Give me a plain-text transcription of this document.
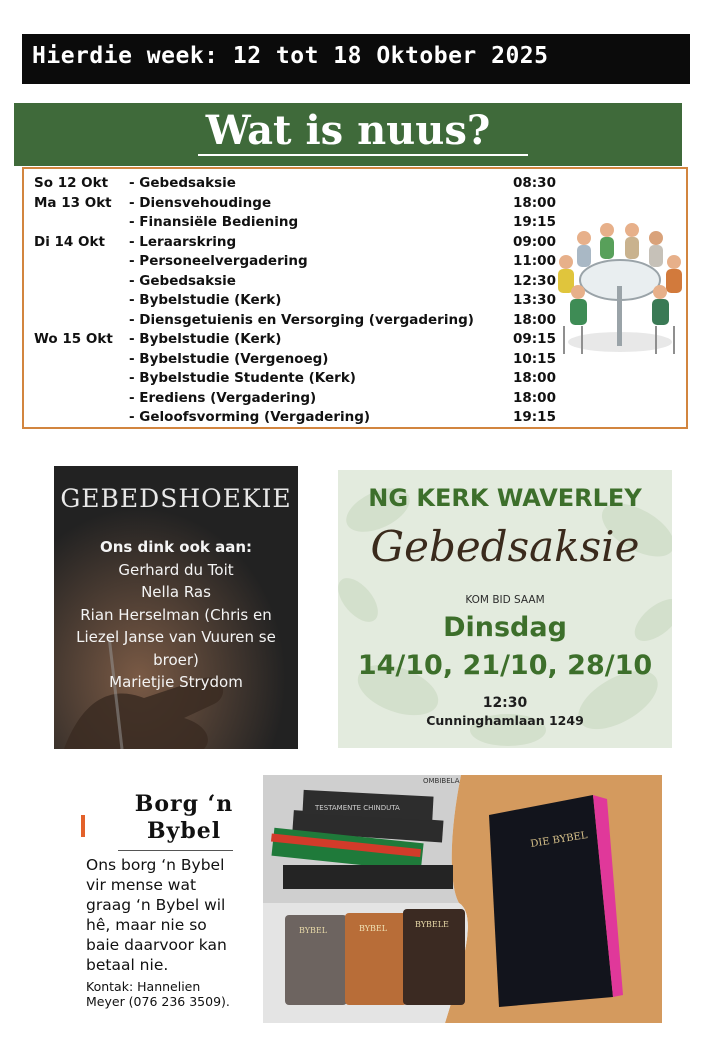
Hierdie week: 12 tot 18 Oktober 2025
Wat is nuus?
So 12 Okt - Gebedsaksie	08:30
Ma 13 Okt - Diensvehoudinge	18:00
- Finansiële Bediening	19:15
Di 14 Okt - Leraarskring	09:00
- Personeelvergadering	11:00
- Gebedsaksie	12:30
- Bybelstudie (Kerk)	13:30
- Diensgetuienis en Versorging (vergadering)	18:00
Wo 15 Okt - Bybelstudie (Kerk)	09:15
- Bybelstudie (Vergenoeg)	10:15
- Bybelstudie Studente (Kerk)	18:00
- Erediens (Vergadering)	18:00
- Geloofsvorming (Vergadering)	19:15
GEBEDSHOEKIE
Ons dink ook aan:
Gerhard du Toit
Nella Ras
Rian Herselman (Chris en
Liezel Janse van Vuuren se
broer)
Marietjie Strydom
NG KERK WAVERLEY
Gebedsaksie
KOM BID SAAM
Dinsdag
14/10, 21/10, 28/10
12:30
Cunninghamlaan 1249
Borg ‘n
Bybel
Ons borg ‘n Bybel
vir mense wat
graag ‘n Bybel wil
hê, maar nie so
baie daarvoor kan
betaal nie.
Kontak: Hannelien
Meyer (076 236 3509).
TESTAMENTE CHINDUTA
OMBIBELA
BYBEL	BYBEL	BYBELE
DIE BYBEL
